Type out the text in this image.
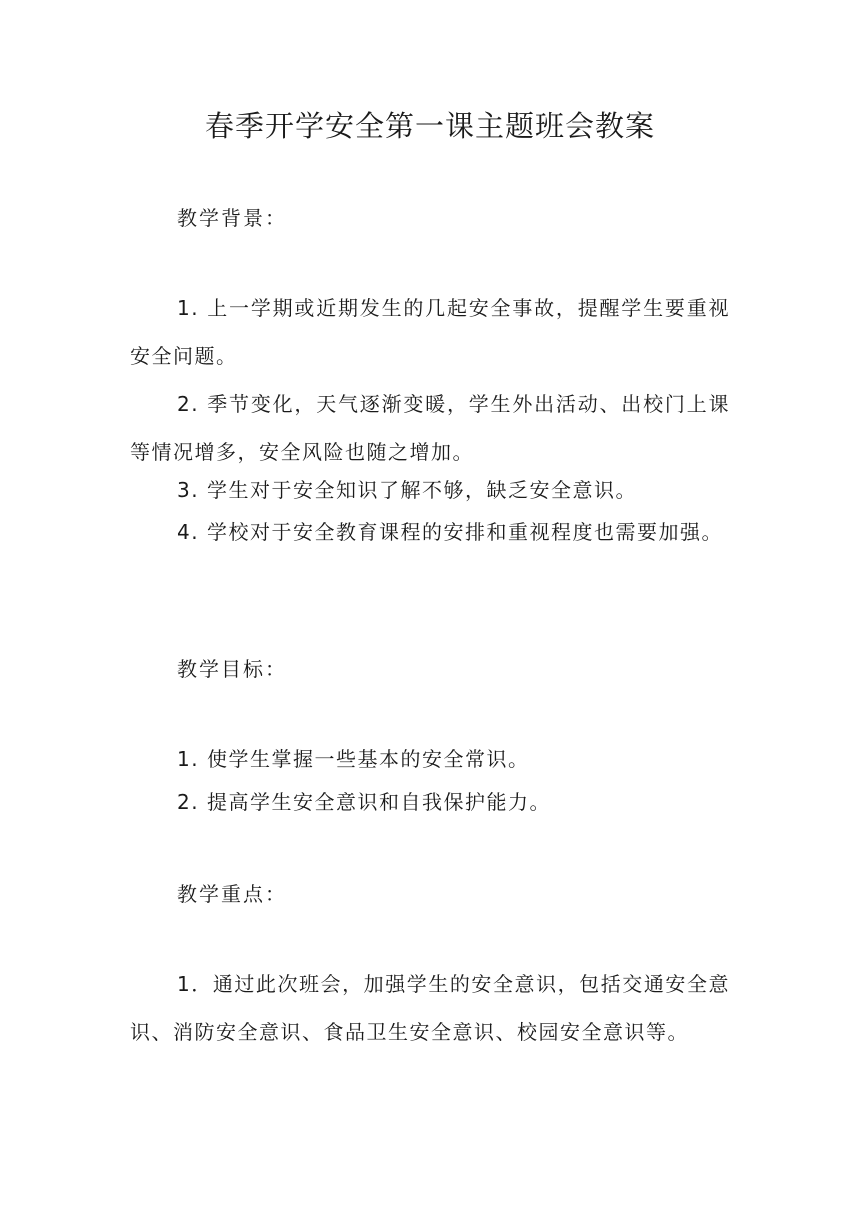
春季开学安全第一课主题班会教案
教学背景：

1. 上一学期或近期发生的几起安全事故，提醒学生要重视安全问题。

2. 季节变化，天气逐渐变暖，学生外出活动、出校门上课等情况增多，安全风险也随之增加。

3. 学生对于安全知识了解不够，缺乏安全意识。

4. 学校对于安全教育课程的安排和重视程度也需要加强。

教学目标：

1. 使学生掌握一些基本的安全常识。

2. 提高学生安全意识和自我保护能力。

教学重点：

1．通过此次班会，加强学生的安全意识，包括交通安全意识、消防安全意识、食品卫生安全意识、校园安全意识等。
